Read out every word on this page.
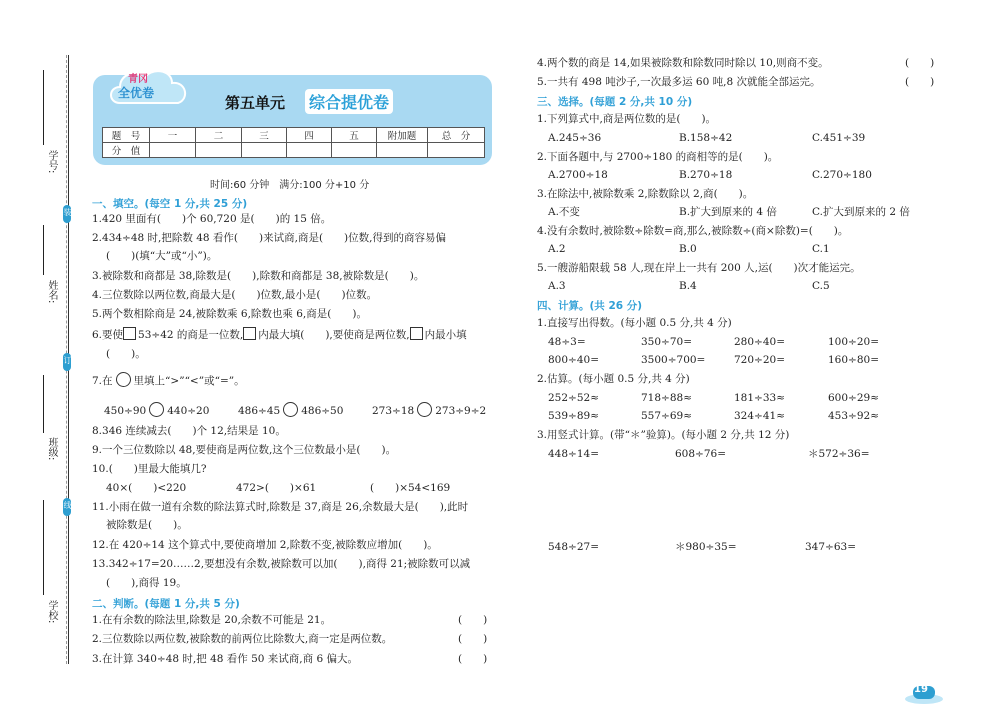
学校:
班级:
姓名:
学号:
装
订
线
青冈
全优卷
第五单元 综合提优卷
题　号	一	二	三	四	五	附加题	总　分
分　值							
时间:60 分钟　满分:100 分+10 分
一、填空。(每空 1 分,共 25 分)
1.420 里面有(　　)个 60,720 是(　　)的 15 倍。
2.434÷48 时,把除数 48 看作(　　)来试商,商是(　　)位数,得到的商容易偏
(　　)(填“大”或“小”)。
3.被除数和商都是 38,除数是(　　),除数和商都是 38,被除数是(　　)。
4.三位数除以两位数,商最大是(　　)位数,最小是(　　)位数。
5.两个数相除商是 24,被除数乘 6,除数也乘 6,商是(　　)。
6.要使 53÷42 的商是一位数, 内最大填(　　),要使商是两位数, 内最小填
(　　)。
7.在 里填上“>”“<”或“=”。
450÷90 440÷20	486÷45 486÷50	273÷18 273÷9÷2
8.346 连续减去(　　)个 12,结果是 10。
9.一个三位数除以 48,要使商是两位数,这个三位数最小是(　　)。
10.(　　)里最大能填几?
40×(　　)<220	472>(　　)×61	(　　)×54<169
11.小雨在做一道有余数的除法算式时,除数是 37,商是 26,余数最大是(　　),此时
被除数是(　　)。
12.在 420÷14 这个算式中,要使商增加 2,除数不变,被除数应增加(　　)。
13.342÷17=20……2,要想没有余数,被除数可以加(　　),商得 21;被除数可以减
(　　),商得 19。
二、判断。(每题 1 分,共 5 分)
1.在有余数的除法里,除数是 20,余数不可能是 21。	(　　)
2.三位数除以两位数,被除数的前两位比除数大,商一定是两位数。	(　　)
3.在计算 340÷48 时,把 48 看作 50 来试商,商 6 偏大。	(　　)
4.两个数的商是 14,如果被除数和除数同时除以 10,则商不变。	(　　)
5.一共有 498 吨沙子,一次最多运 60 吨,8 次就能全部运完。	(　　)
三、选择。(每题 2 分,共 10 分)
1.下列算式中,商是两位数的是(　　)。
A.245÷36	B.158÷42	C.451÷39
2.下面各题中,与 2700÷180 的商相等的是(　　)。
A.2700÷18	B.270÷18	C.270÷180
3.在除法中,被除数乘 2,除数除以 2,商(　　)。
A.不变	B.扩大到原来的 4 倍	C.扩大到原来的 2 倍
4.没有余数时,被除数÷除数=商,那么,被除数÷(商×除数)=(　　)。
A.2	B.0	C.1
5.一艘游船限载 58 人,现在岸上一共有 200 人,运(　　)次才能运完。
A.3	B.4	C.5
四、计算。(共 26 分)
1.直接写出得数。(每小题 0.5 分,共 4 分)
48÷3=	350÷70=	280÷40=	100÷20=
800÷40=	3500÷700=	720÷20=	160÷80=
2.估算。(每小题 0.5 分,共 4 分)
252÷52≈	718÷88≈	181÷33≈	600÷29≈
539÷89≈	557÷69≈	324÷41≈	453÷92≈
3.用竖式计算。(带“＊”验算)。(每小题 2 分,共 12 分)
448÷14=	608÷76=	＊572÷36=
548÷27=	＊980÷35=	347÷63=
19
